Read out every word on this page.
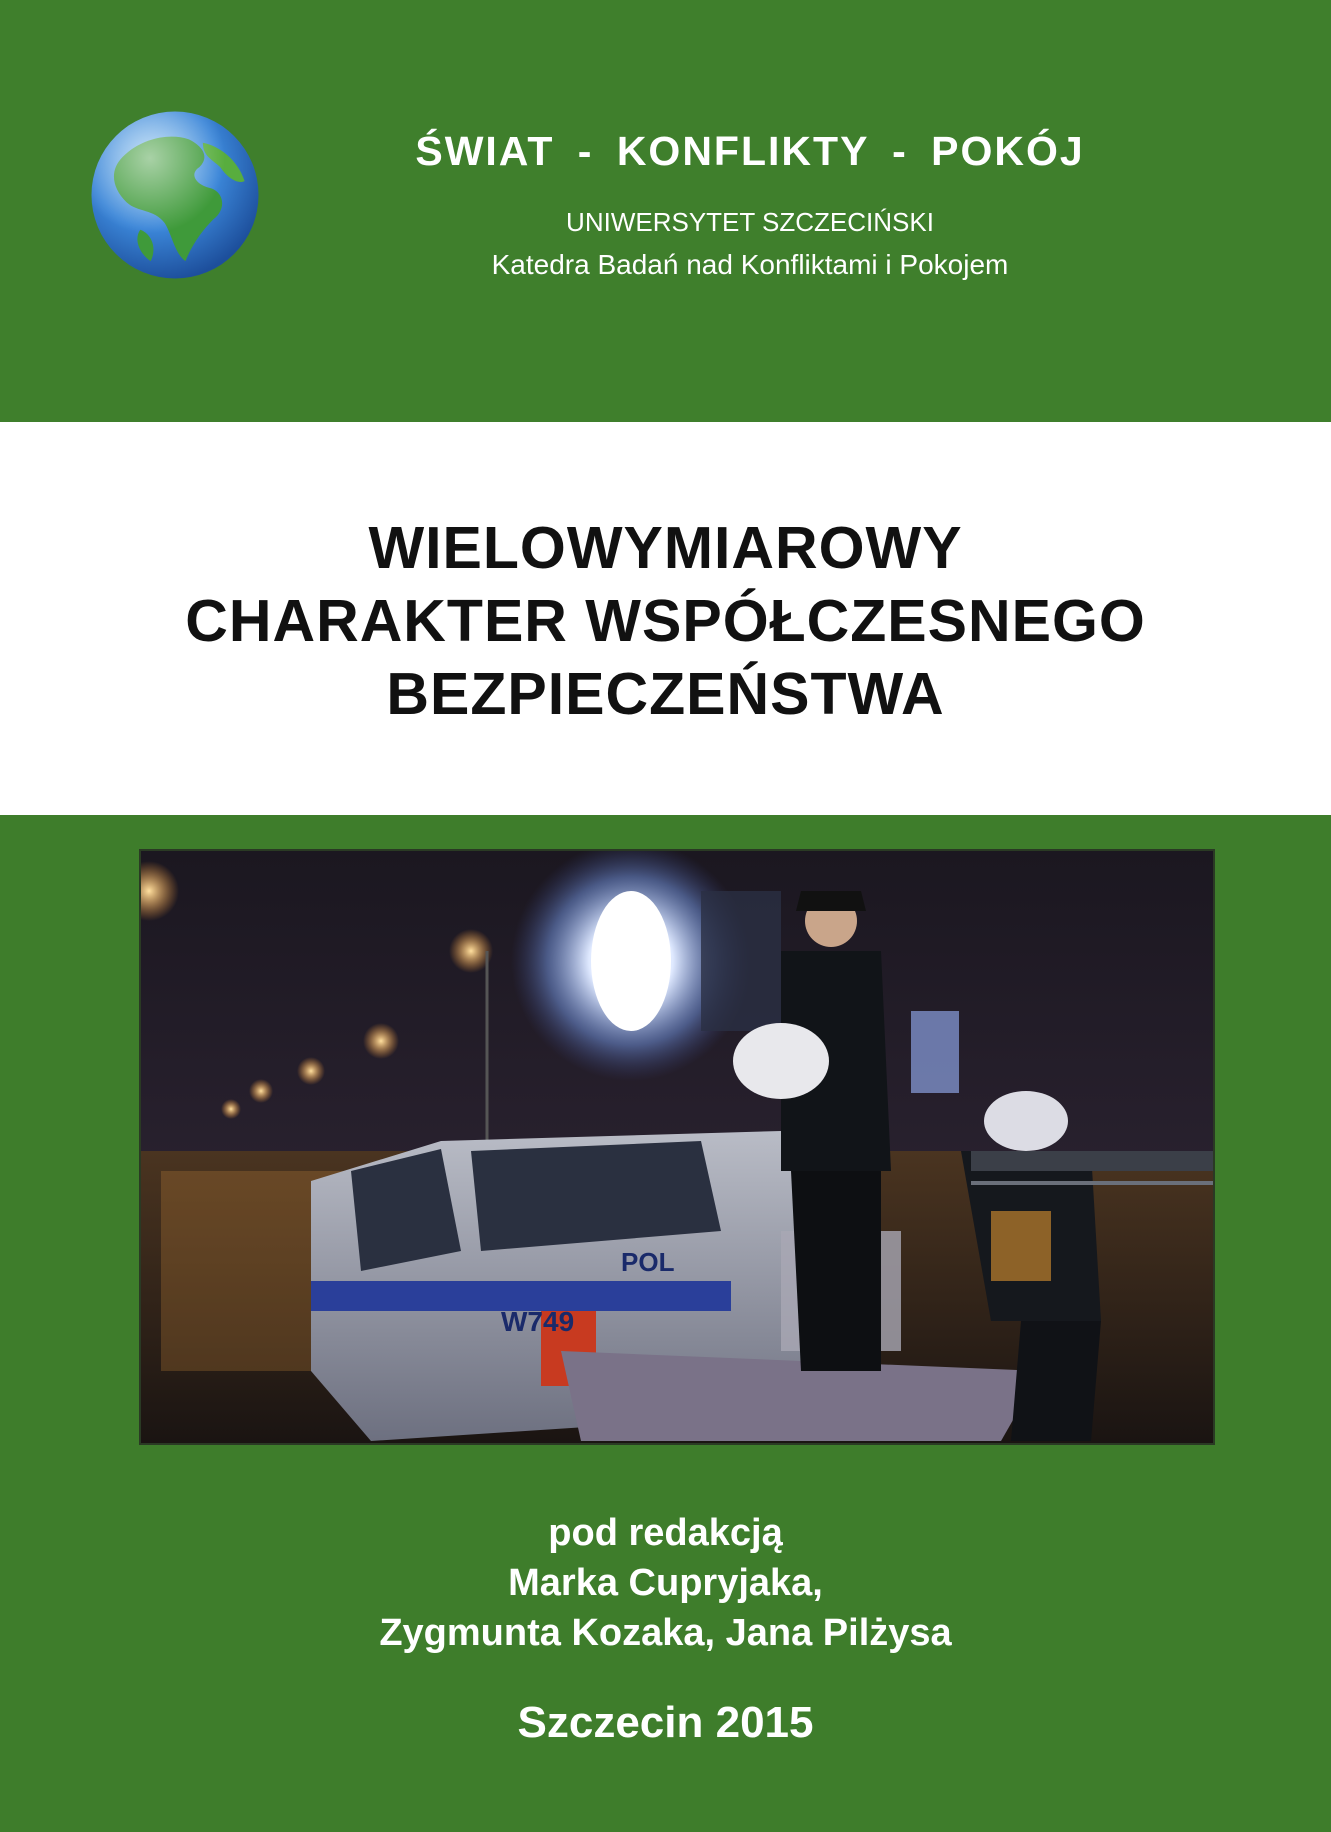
ŚWIAT - KONFLIKTY - POKÓJ
UNIWERSYTET SZCZECIŃSKI
Katedra Badań nad Konfliktami i Pokojem
WIELOWYMIAROWY
CHARAKTER WSPÓŁCZESNEGO
BEZPIECZEŃSTWA
W749
POL
pod redakcją
Marka Cupryjaka,
Zygmunta Kozaka, Jana Pilżysa
Szczecin 2015
